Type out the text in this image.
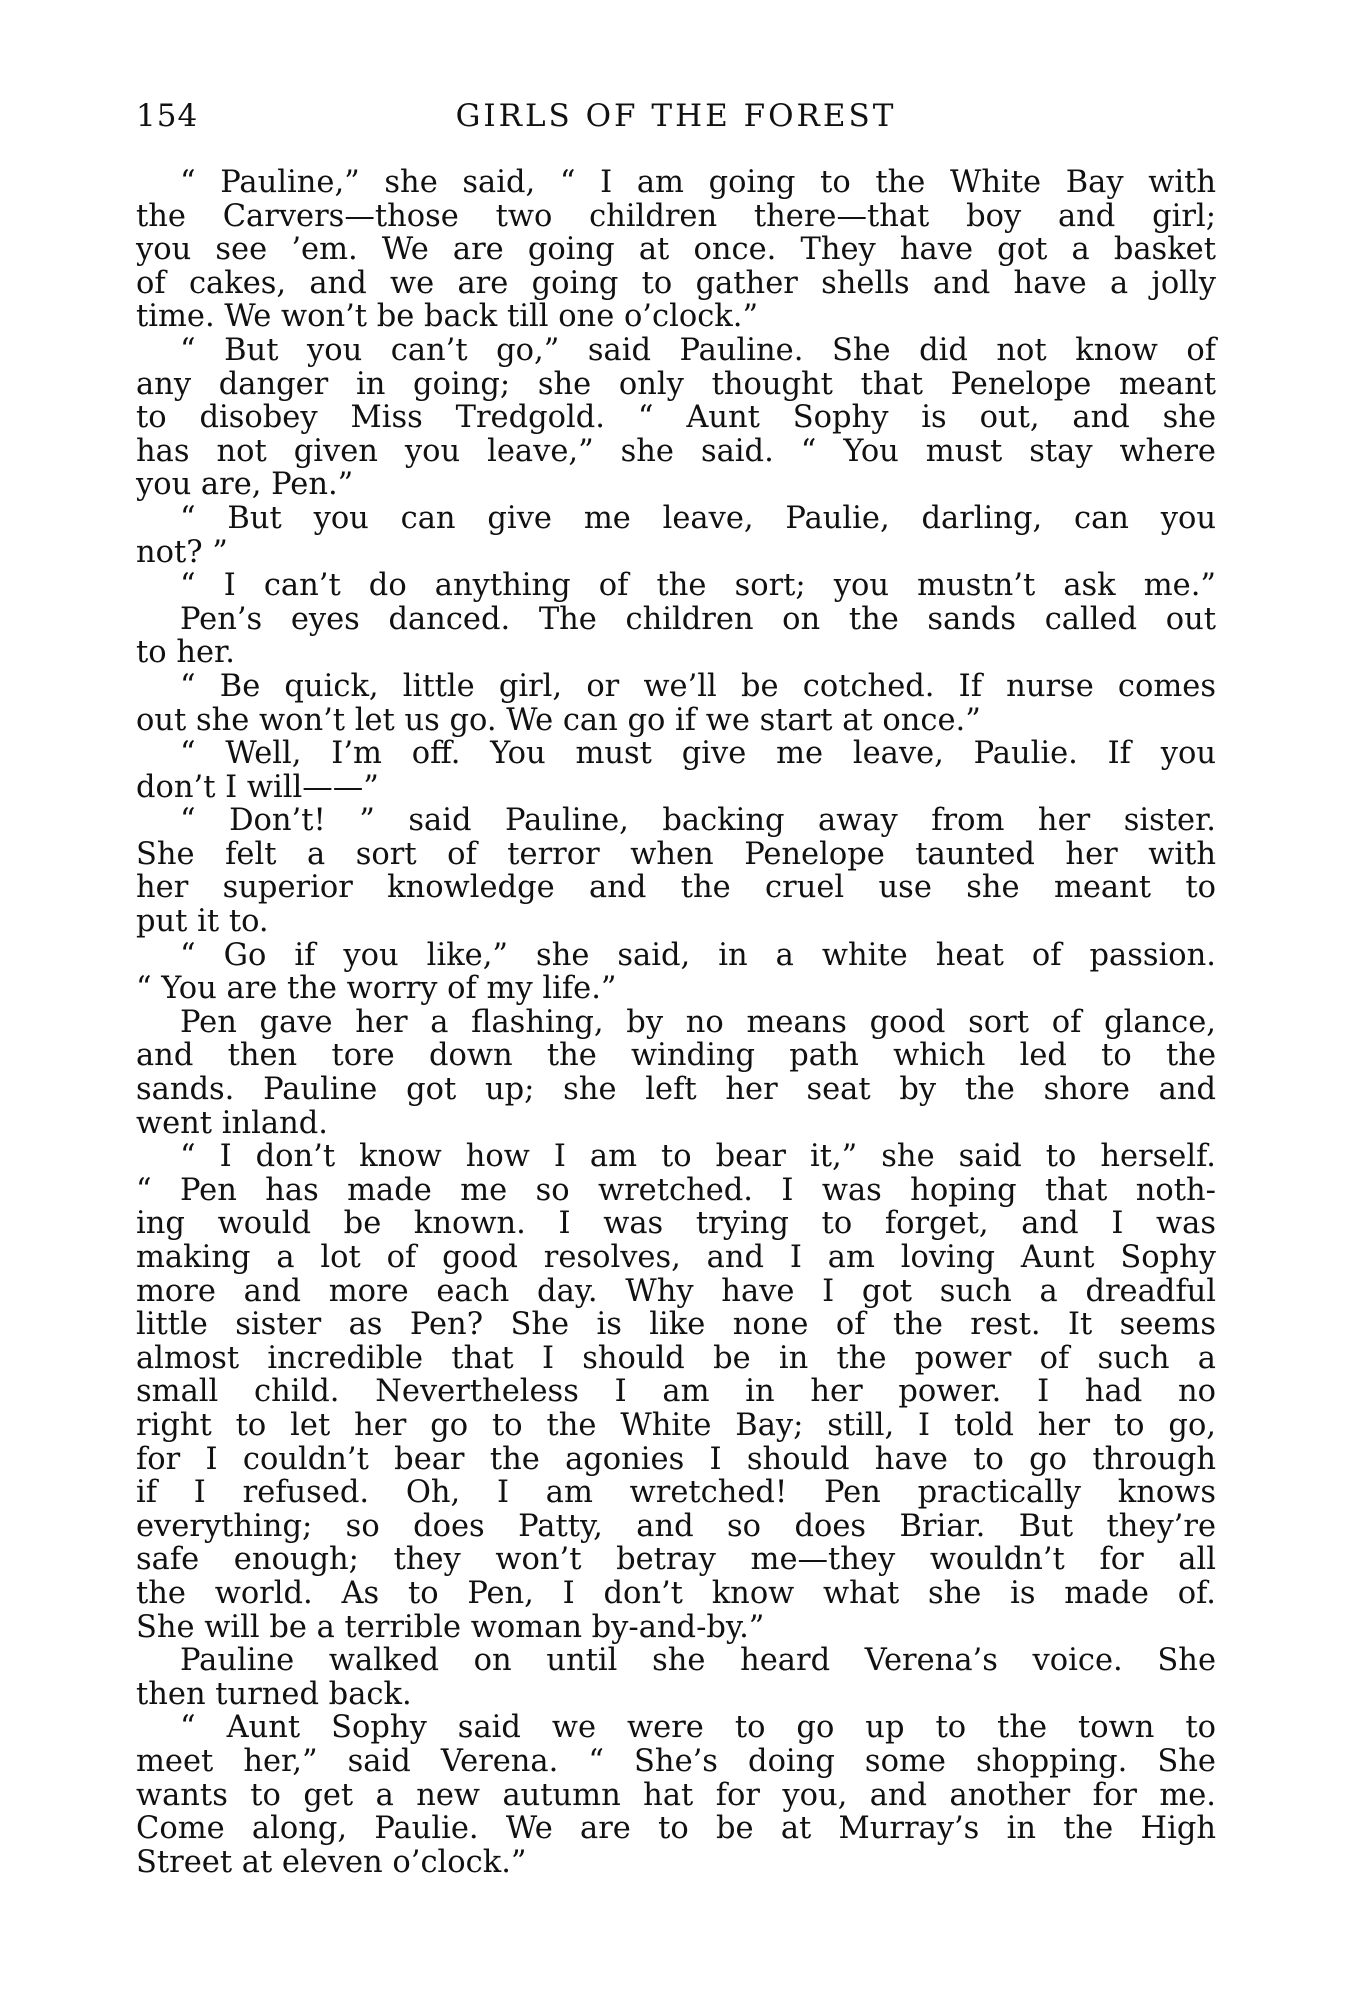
154	GIRLS OF THE FOREST
“ Pauline,” she said, “ I am going to the White Bay with
the Carvers—those two children there—that boy and girl;
you see ’em. We are going at once. They have got a basket
of cakes, and we are going to gather shells and have a jolly
time. We won’t be back till one o’clock.”
“ But you can’t go,” said Pauline. She did not know of
any danger in going; she only thought that Penelope meant
to disobey Miss Tredgold. “ Aunt Sophy is out, and she
has not given you leave,” she said. “ You must stay where
you are, Pen.”
“ But you can give me leave, Paulie, darling, can you
not? ”
“ I can’t do anything of the sort; you mustn’t ask me.”
Pen’s eyes danced. The children on the sands called out
to her.
“ Be quick, little girl, or we’ll be cotched. If nurse comes
out she won’t let us go. We can go if we start at once.”
“ Well, I’m off. You must give me leave, Paulie. If you
don’t I will——”
“ Don’t! ” said Pauline, backing away from her sister.
She felt a sort of terror when Penelope taunted her with
her superior knowledge and the cruel use she meant to
put it to.
“ Go if you like,” she said, in a white heat of passion.
“ You are the worry of my life.”
Pen gave her a flashing, by no means good sort of glance,
and then tore down the winding path which led to the
sands. Pauline got up; she left her seat by the shore and
went inland.
“ I don’t know how I am to bear it,” she said to herself.
“ Pen has made me so wretched. I was hoping that noth-
ing would be known. I was trying to forget, and I was
making a lot of good resolves, and I am loving Aunt Sophy
more and more each day. Why have I got such a dreadful
little sister as Pen? She is like none of the rest. It seems
almost incredible that I should be in the power of such a
small child. Nevertheless I am in her power. I had no
right to let her go to the White Bay; still, I told her to go,
for I couldn’t bear the agonies I should have to go through
if I refused. Oh, I am wretched! Pen practically knows
everything; so does Patty, and so does Briar. But they’re
safe enough; they won’t betray me—they wouldn’t for all
the world. As to Pen, I don’t know what she is made of.
She will be a terrible woman by-and-by.”
Pauline walked on until she heard Verena’s voice. She
then turned back.
“ Aunt Sophy said we were to go up to the town to
meet her,” said Verena. “ She’s doing some shopping. She
wants to get a new autumn hat for you, and another for me.
Come along, Paulie. We are to be at Murray’s in the High
Street at eleven o’clock.”
